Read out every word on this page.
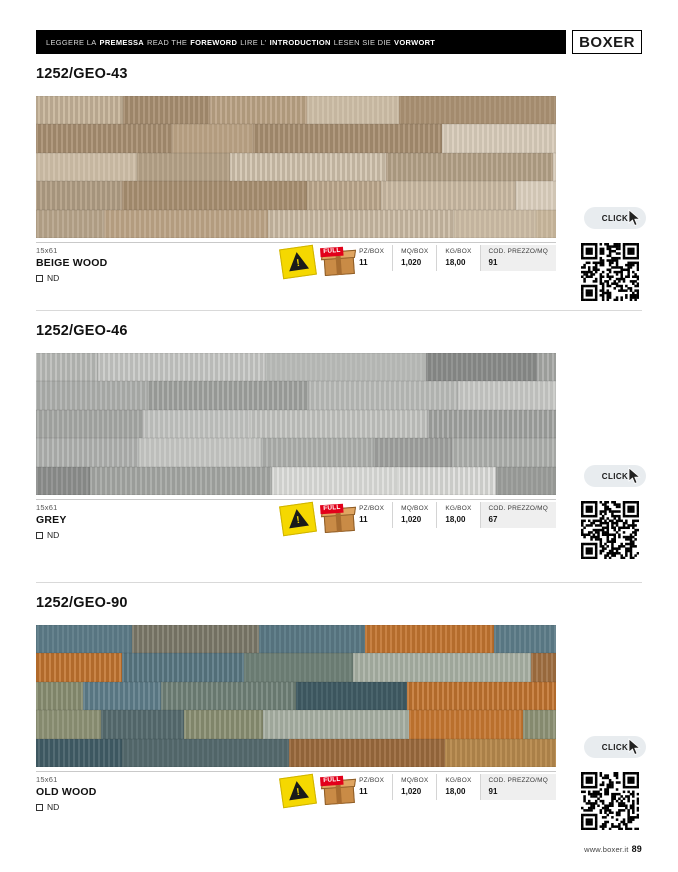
LEGGERE LA PREMESSA READ THE FOREWORD LIRE L' INTRODUCTION LESEN SIE DIE VORWORT	BOXER
1252/GEO-43
15x61
BEIGE WOOD
ND
!
FULL	PZ/BOX	MQ/BOX	KG/BOX	COD. PREZZO/MQ
11	1,020	18,00	91
CLICK
1252/GEO-46
15x61
GREY
ND
!
FULL	PZ/BOX	MQ/BOX	KG/BOX	COD. PREZZO/MQ
11	1,020	18,00	67
CLICK
1252/GEO-90
15x61
OLD WOOD
ND
!
FULL	PZ/BOX	MQ/BOX	KG/BOX	COD. PREZZO/MQ
11	1,020	18,00	91
CLICK
www.boxer.it 89
